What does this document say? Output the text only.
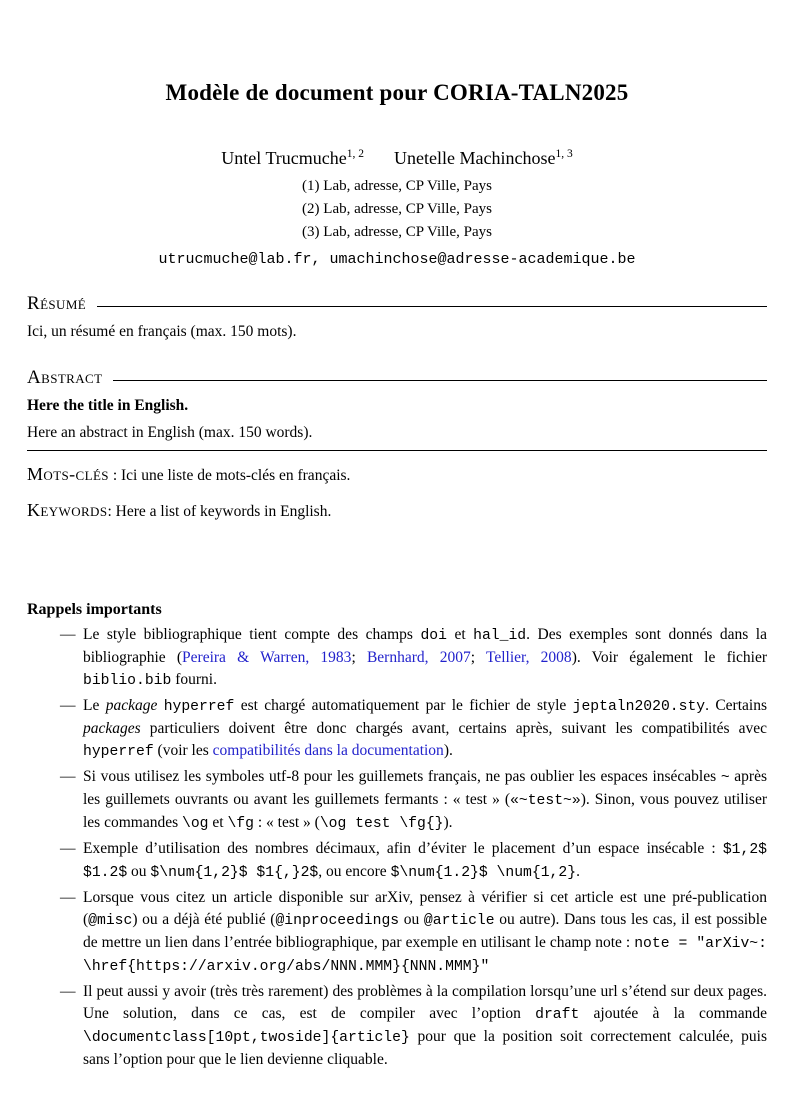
Modèle de document pour CORIA-TALN2025
Untel Trucmuche$^{1, 2}$ Unetelle Machinchose$^{1, 3}$
(1) Lab, adresse, CP Ville, Pays
(2) Lab, adresse, CP Ville, Pays
(3) Lab, adresse, CP Ville, Pays
utrucmuche@lab.fr, umachinchose@adresse-academique.be
Résumé

Ici, un résumé en français (max. 150 mots).

Abstract

Here the title in English.

Here an abstract in English (max. 150 words).

Mots-clés : Ici une liste de mots-clés en français.
Keywords: Here a list of keywords in English.
Rappels importants
— Le style bibliographique tient compte des champs doi et hal_id. Des exemples sont donnés dans la bibliographie (Pereira & Warren, 1983; Bernhard, 2007; Tellier, 2008). Voir également le fichier biblio.bib fourni.
— Le package hyperref est chargé automatiquement par le fichier de style jeptaln2020.sty. Certains packages particuliers doivent être donc chargés avant, certains après, suivant les compatibilités avec hyperref (voir les compatibilités dans la documentation).
— Si vous utilisez les symboles utf-8 pour les guillemets français, ne pas oublier les espaces insécables ~ après les guillemets ouvrants ou avant les guillemets fermants : « test » («~test~»). Sinon, vous pouvez utiliser les commandes \og et \fg : « test » (\og test \fg{}).
— Exemple d’utilisation des nombres décimaux, afin d’éviter le placement d’un espace insécable : $1,2$ $1.2$ ou $\num{1,2}$ $1{,}2$, ou encore $\num{1.2}$ \num{1,2}.
— Lorsque vous citez un article disponible sur arXiv, pensez à vérifier si cet article est une pré-publication (@misc) ou a déjà été publié (@inproceedings ou @article ou autre). Dans tous les cas, il est possible de mettre un lien dans l’entrée bibliographique, par exemple en utilisant le champ note : note = "arXiv~: \href{https://arxiv.org/abs/NNN.MMM}{NNN.MMM}"
— Il peut aussi y avoir (très très rarement) des problèmes à la compilation lorsqu’une url s’étend sur deux pages. Une solution, dans ce cas, est de compiler avec l’option draft ajoutée à la commande \documentclass[10pt,twoside]{article} pour que la position soit correctement calculée, puis sans l’option pour que le lien devienne cliquable.
